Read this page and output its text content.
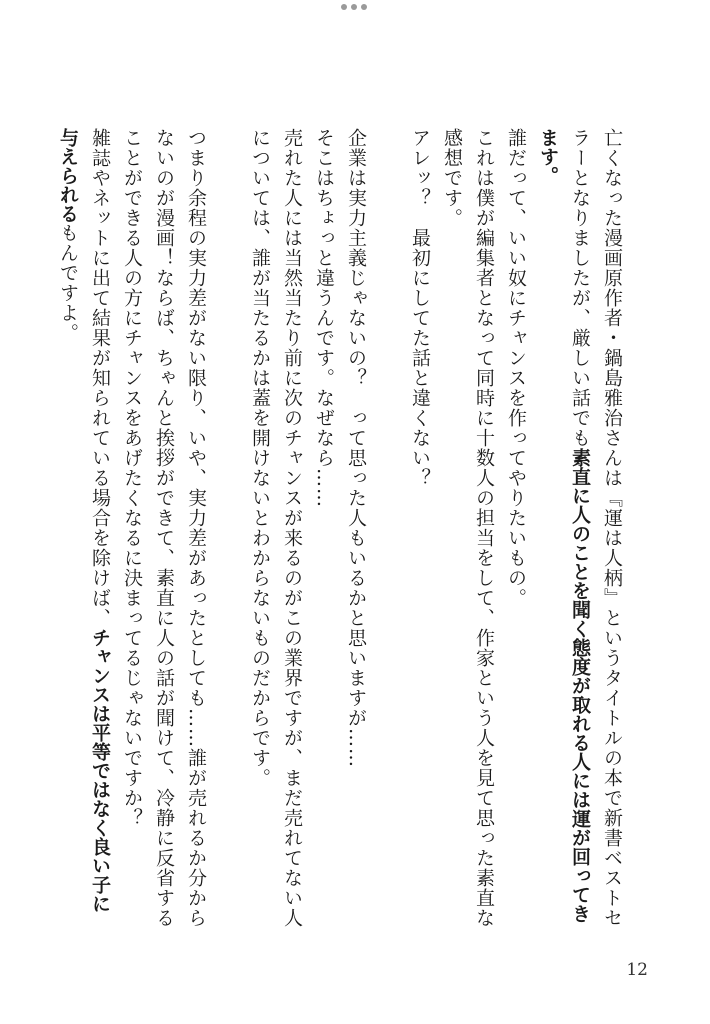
亡くなった漫画原作者・鍋島雅治さんは『運は人柄』というタイトルの本で新書ベストセラーとなりましたが、厳しい話でも素直に人のことを聞く態度が取れる人には運が回ってきます。

誰だって、いい奴にチャンスを作ってやりたいもの。

これは僕が編集者となって同時に十数人の担当をして、作家という人を見て思った素直な感想です。

アレッ？　最初にしてた話と違くない？

企業は実力主義じゃないの？　って思った人もいるかと思いますが……

そこはちょっと違うんです。なぜなら……

売れた人には当然当たり前に次のチャンスが来るのがこの業界ですが、まだ売れてない人については、誰が当たるかは蓋を開けないとわからないものだからです。

つまり余程の実力差がない限り、いや、実力差があったとしても……誰が売れるか分からないのが漫画！ならば、ちゃんと挨拶ができて、素直に人の話が聞けて、冷静に反省することができる人の方にチャンスをあげたくなるに決まってるじゃないですか？

雑誌やネットに出て結果が知られている場合を除けば、チャンスは平等ではなく良い子に与えられるもんですよ。

12
